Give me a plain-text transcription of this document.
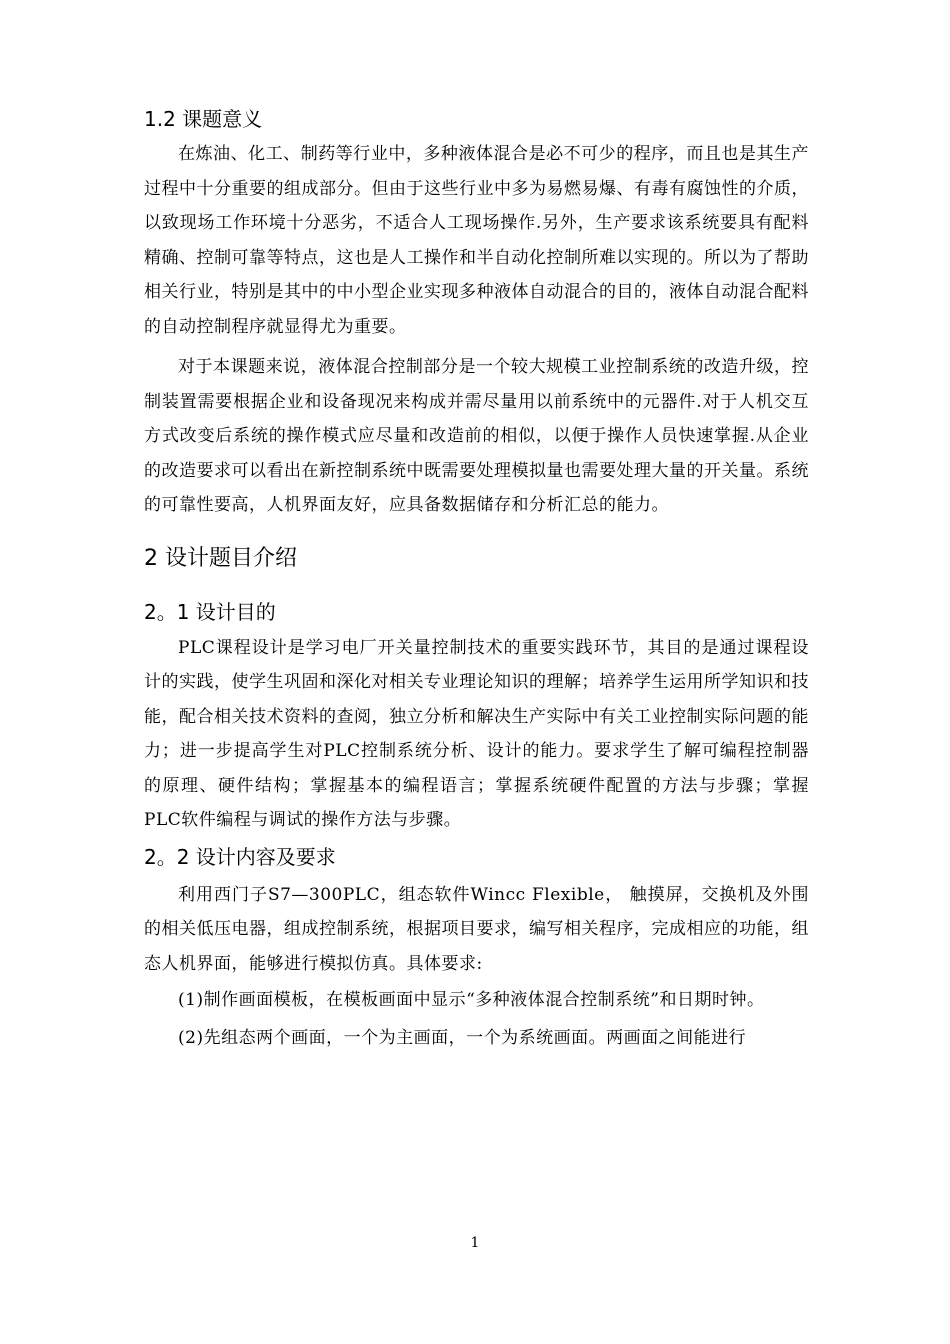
1.2 课题意义

在炼油、化工、制药等行业中，多种液体混合是必不可少的程序，而且也是其生产过程中十分重要的组成部分。但由于这些行业中多为易燃易爆、有毒有腐蚀性的介质，以致现场工作环境十分恶劣，不适合人工现场操作.另外，生产要求该系统要具有配料精确、控制可靠等特点，这也是人工操作和半自动化控制所难以实现的。所以为了帮助相关行业，特别是其中的中小型企业实现多种液体自动混合的目的，液体自动混合配料的自动控制程序就显得尤为重要。

对于本课题来说，液体混合控制部分是一个较大规模工业控制系统的改造升级，控制装置需要根据企业和设备现况来构成并需尽量用以前系统中的元器件.对于人机交互方式改变后系统的操作模式应尽量和改造前的相似，以便于操作人员快速掌握.从企业的改造要求可以看出在新控制系统中既需要处理模拟量也需要处理大量的开关量。系统的可靠性要高，人机界面友好，应具备数据储存和分析汇总的能力。

2 设计题目介绍
2。1 设计目的

PLC课程设计是学习电厂开关量控制技术的重要实践环节，其目的是通过课程设计的实践，使学生巩固和深化对相关专业理论知识的理解；培养学生运用所学知识和技能，配合相关技术资料的查阅，独立分析和解决生产实际中有关工业控制实际问题的能力；进一步提高学生对PLC控制系统分析、设计的能力。要求学生了解可编程控制器的原理、硬件结构；掌握基本的编程语言；掌握系统硬件配置的方法与步骤；掌握PLC软件编程与调试的操作方法与步骤。

2。2 设计内容及要求

利用西门子S7—300PLC，组态软件Wincc Flexible， 触摸屏，交换机及外围的相关低压电器，组成控制系统，根据项目要求，编写相关程序，完成相应的功能，组态人机界面，能够进行模拟仿真。具体要求:

(1)制作画面模板，在模板画面中显示“多种液体混合控制系统”和日期时钟。

(2)先组态两个画面，一个为主画面，一个为系统画面。两画面之间能进行

1
